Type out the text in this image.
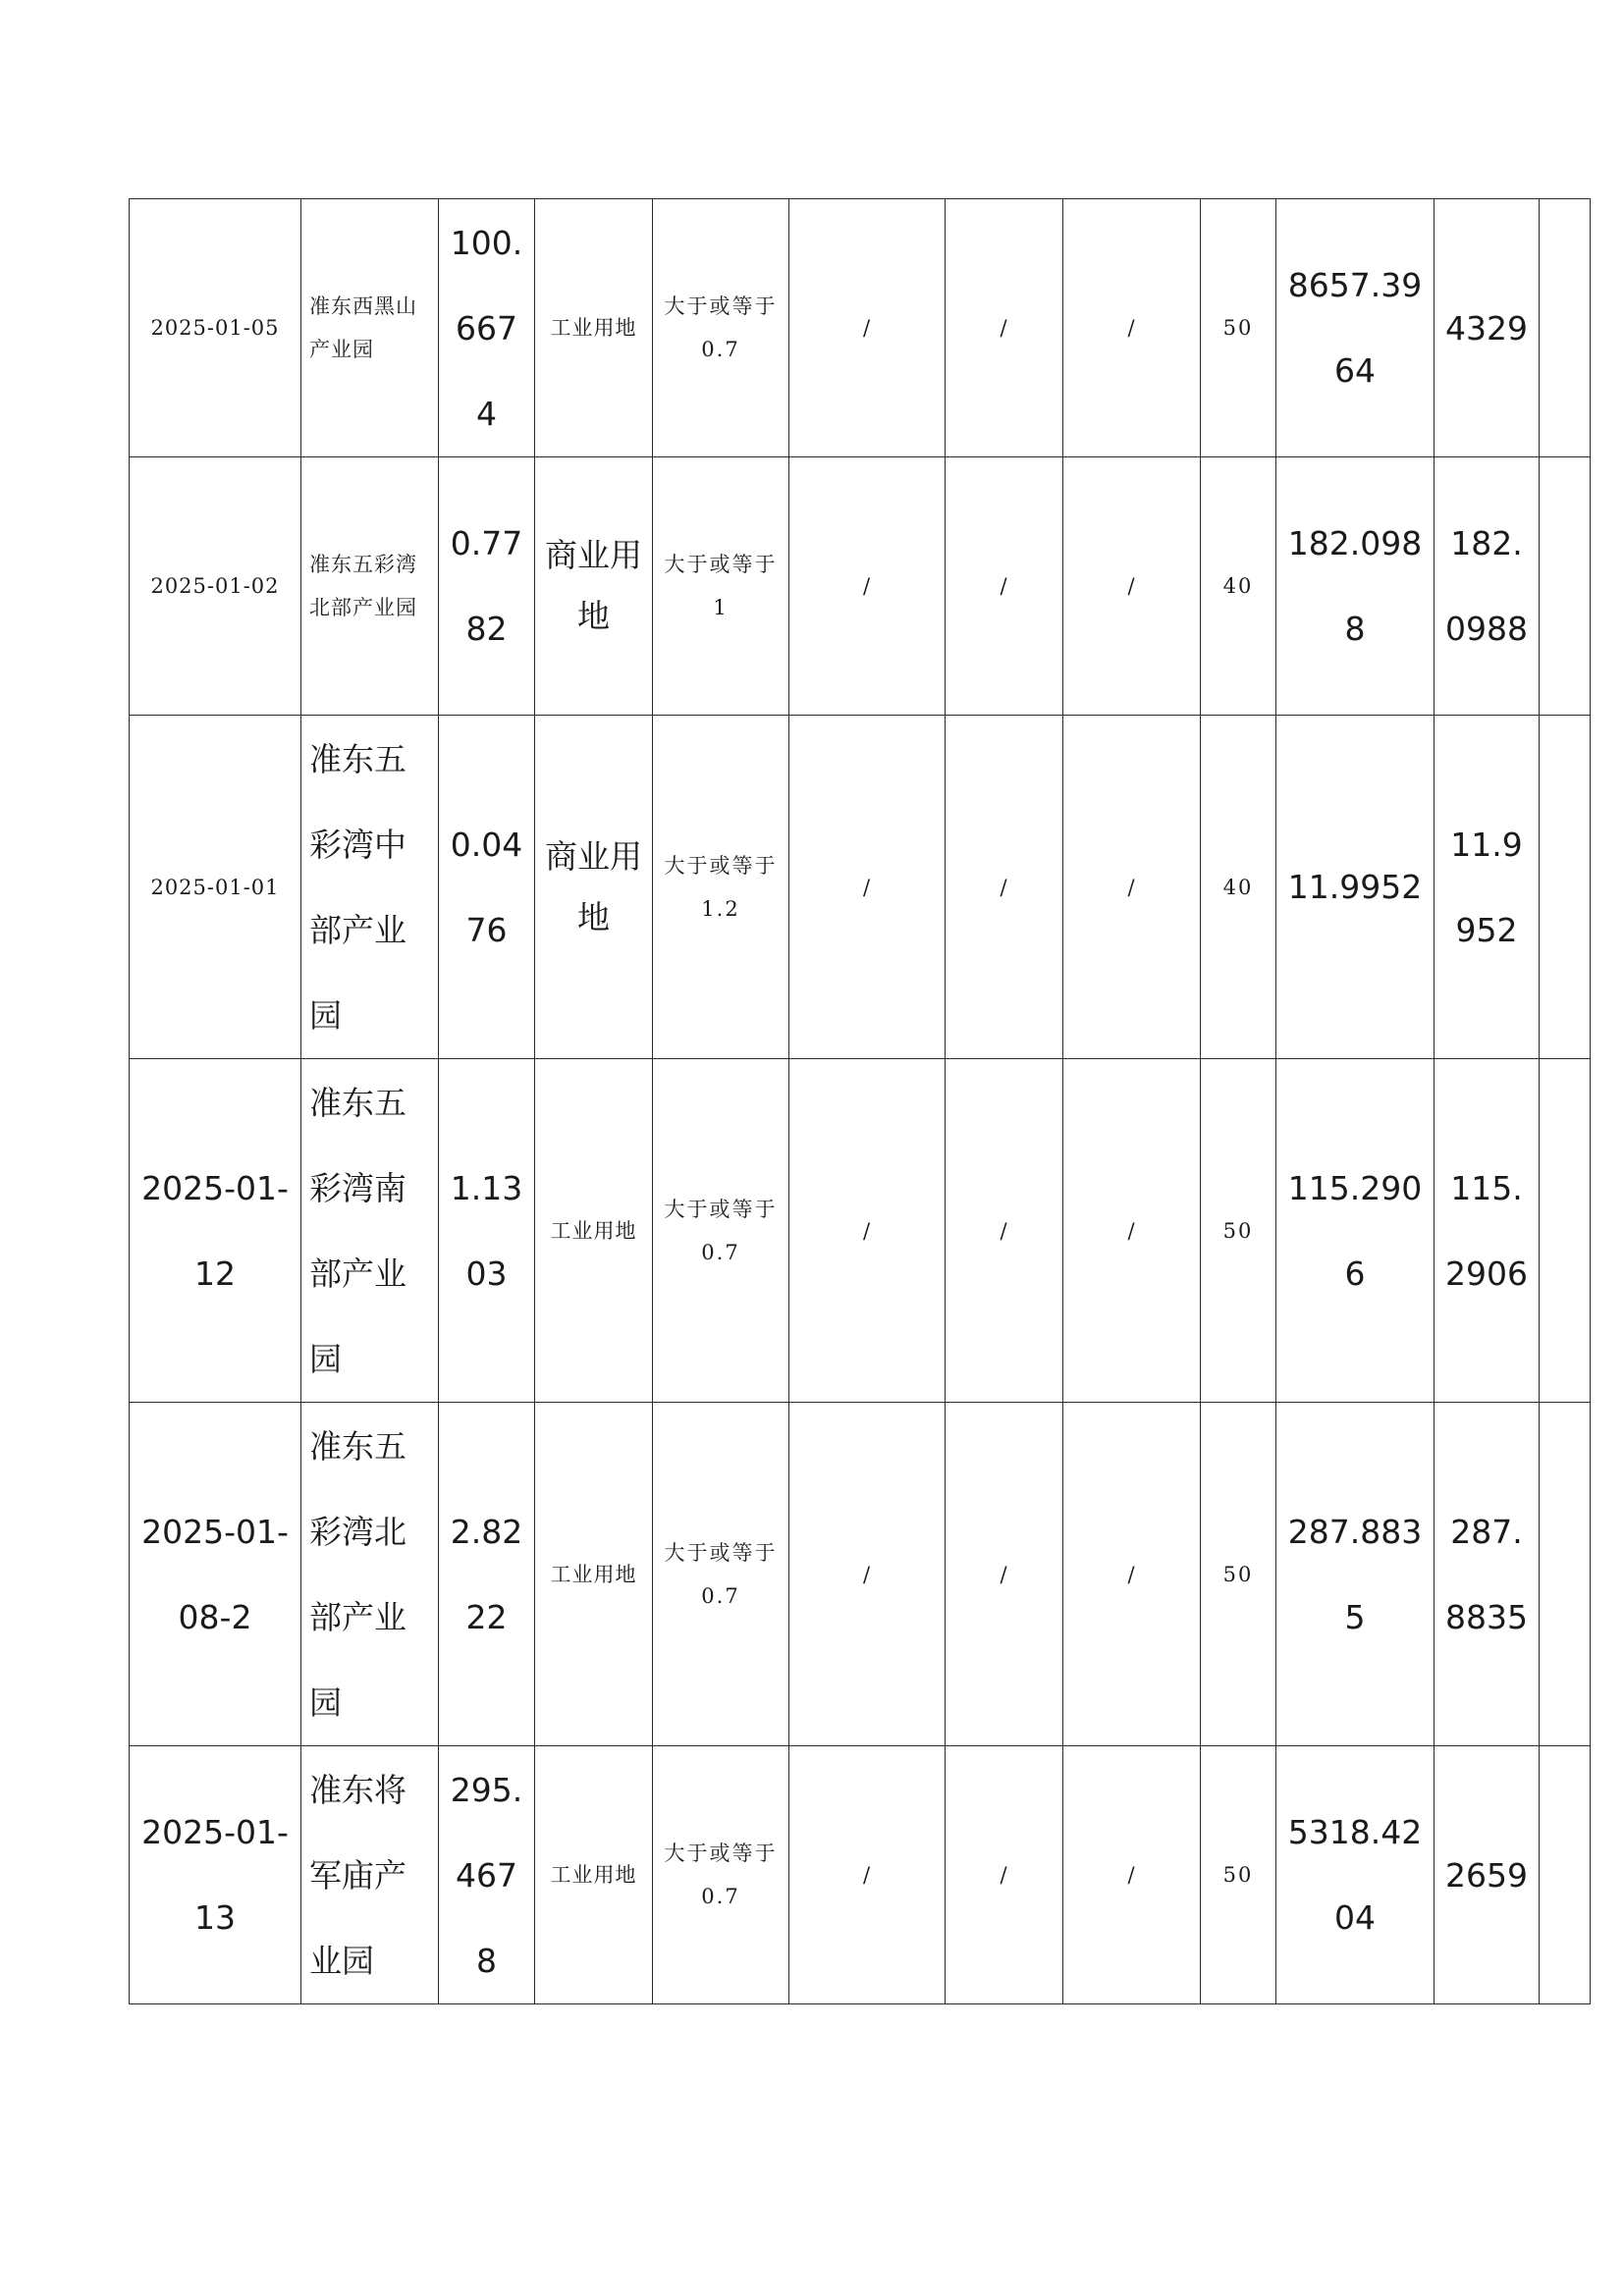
2025-01-05	准东西黑山产业园	100.6674	工业用地	大于或等于 0.7	/	/	/	50	8657.3964	4329	
2025-01-02	准东五彩湾北部产业园	0.7782	商业用地	大于或等于 1	/	/	/	40	182.0988	182.0988	
2025-01-01	准东五彩湾中部产业园	0.0476	商业用地	大于或等于 1.2	/	/	/	40	11.9952	11.9952	
2025-01-12	准东五彩湾南部产业园	1.1303	工业用地	大于或等于 0.7	/	/	/	50	115.2906	115.2906	
2025-01-08-2	准东五彩湾北部产业园	2.8222	工业用地	大于或等于 0.7	/	/	/	50	287.8835	287.8835	
2025-01-13	准东将军庙产业园	295.4678	工业用地	大于或等于 0.7	/	/	/	50	5318.4204	2659	
